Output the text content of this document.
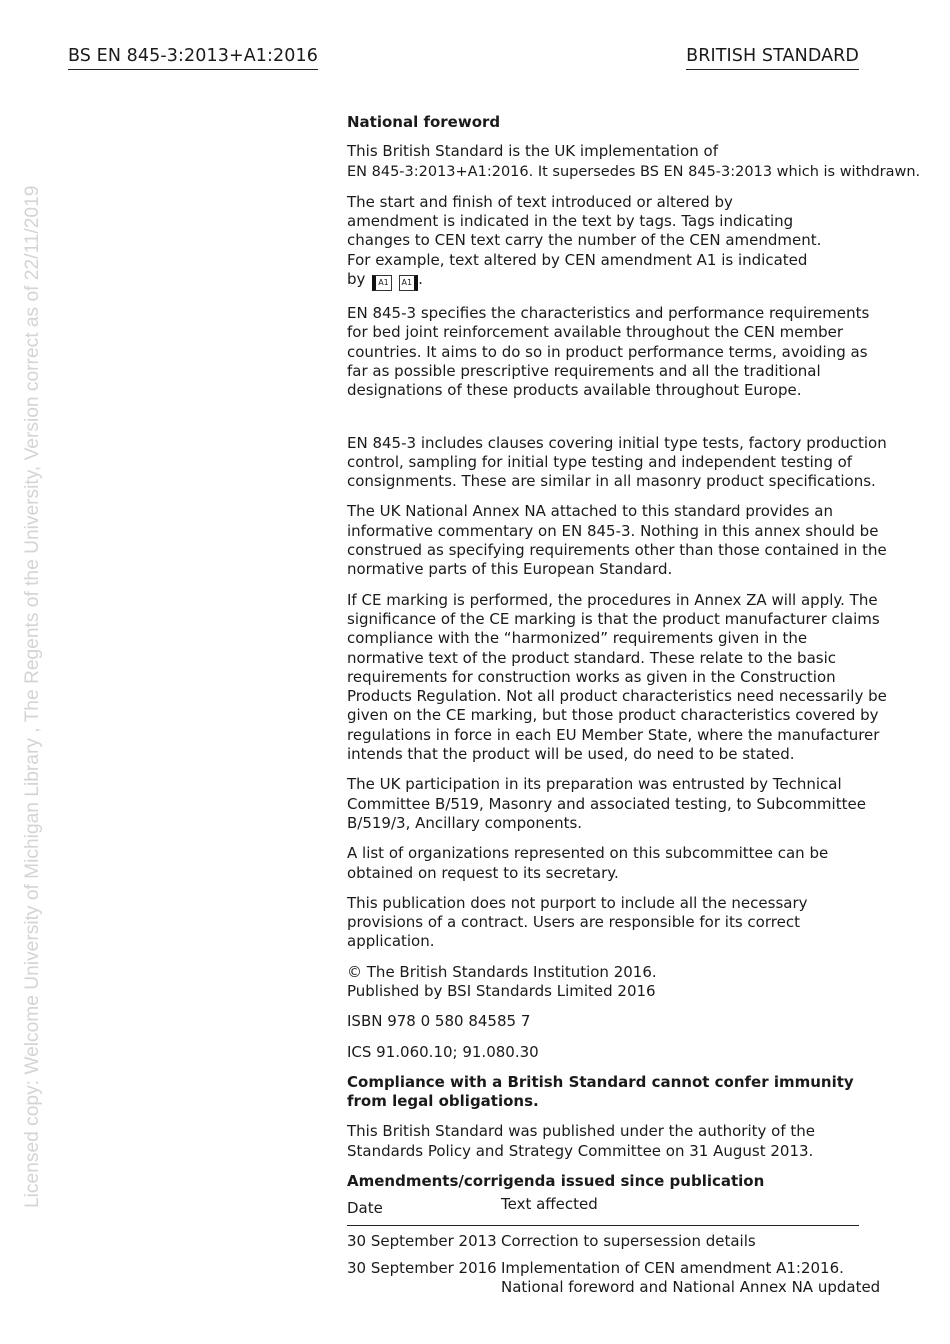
BS EN 845-3:2013+A1:2016	BRITISH STANDARD
Licensed copy: Welcome University of Michigan Library , The Regents of the University, Version correct as of 22/11/2019

National foreword

This British Standard is the UK implementation of
EN 845-3:2013+A1:2016. It supersedes BS EN 845-3:2013 which is withdrawn.

The start and finish of text introduced or altered by amendment is indicated in the text by tags. Tags indicating changes to CEN text carry the number of the CEN amendment. For example, text altered by CEN amendment A1 is indicated by A1 A1 .

EN 845-3 specifies the characteristics and performance requirements for bed joint reinforcement available throughout the CEN member countries. It aims to do so in product performance terms, avoiding as far as possible prescriptive requirements and all the traditional designations of these products available throughout Europe.

EN 845-3 includes clauses covering initial type tests, factory production control, sampling for initial type testing and independent testing of consignments. These are similar in all masonry product specifications.

The UK National Annex NA attached to this standard provides an informative commentary on EN 845-3. Nothing in this annex should be construed as specifying requirements other than those contained in the normative parts of this European Standard.

If CE marking is performed, the procedures in Annex ZA will apply. The significance of the CE marking is that the product manufacturer claims compliance with the “harmonized” requirements given in the normative text of the product standard. These relate to the basic requirements for construction works as given in the Construction Products Regulation. Not all product characteristics need necessarily be given on the CE marking, but those product characteristics covered by regulations in force in each EU Member State, where the manufacturer intends that the product will be used, do need to be stated.

The UK participation in its preparation was entrusted by Technical Committee B/519, Masonry and associated testing, to Subcommittee B/519/3, Ancillary components.

A list of organizations represented on this subcommittee can be obtained on request to its secretary.

This publication does not purport to include all the necessary provisions of a contract. Users are responsible for its correct application.

© The British Standards Institution 2016.
Published by BSI Standards Limited 2016

ISBN 978 0 580 84585 7

ICS 91.060.10; 91.080.30

Compliance with a British Standard cannot confer immunity from legal obligations.

This British Standard was published under the authority of the Standards Policy and Strategy Committee on 31 August 2013.

Amendments/corrigenda issued since publication

Date	Text affected
30 September 2013 Correction to supersession details
30 September 2016 Implementation of CEN amendment A1:2016.
National foreword and National Annex NA updated
